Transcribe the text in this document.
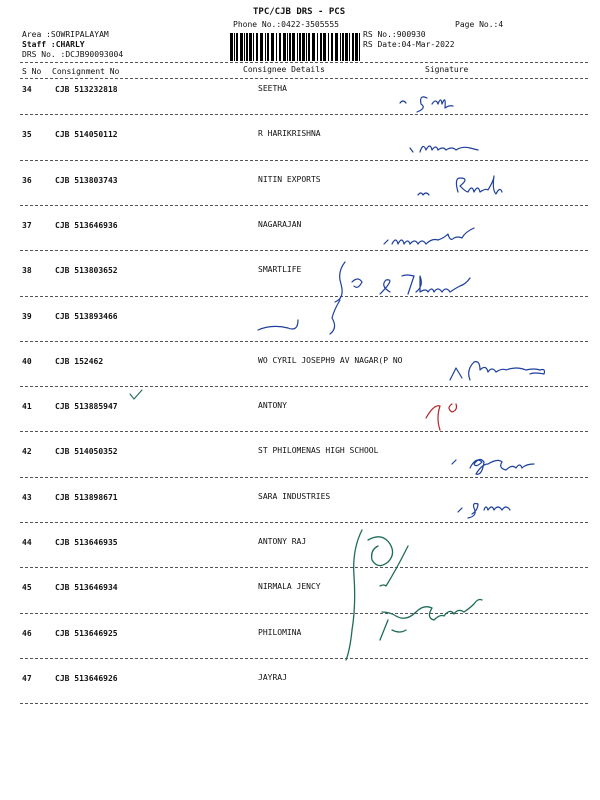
TPC/CJB DRS - PCS
Phone No.:0422-3505555	Page No.:4
Area :SOWRIPALAYAM
Staff :CHARLY
DRS No. :DCJB90093004
RS No.:900930
RS Date:04-Mar-2022
S No Consignment No	Consignee Details	Signature
34	CJB 513232818	SEETHA
35	CJB 514050112	R HARIKRISHNA
36	CJB 513803743	NITIN EXPORTS
37	CJB 513646936	NAGARAJAN
38	CJB 513803652	SMARTLIFE
39	CJB 513893466
40	CJB 152462	WO CYRIL JOSEPH9 AV NAGAR(P NO
41	CJB 513885947	ANTONY
42	CJB 514050352	ST PHILOMENAS HIGH SCHOOL
43	CJB 513898671	SARA INDUSTRIES
44	CJB 513646935	ANTONY RAJ
45	CJB 513646934	NIRMALA JENCY
46	CJB 513646925	PHILOMINA
47	CJB 513646926	JAYRAJ
